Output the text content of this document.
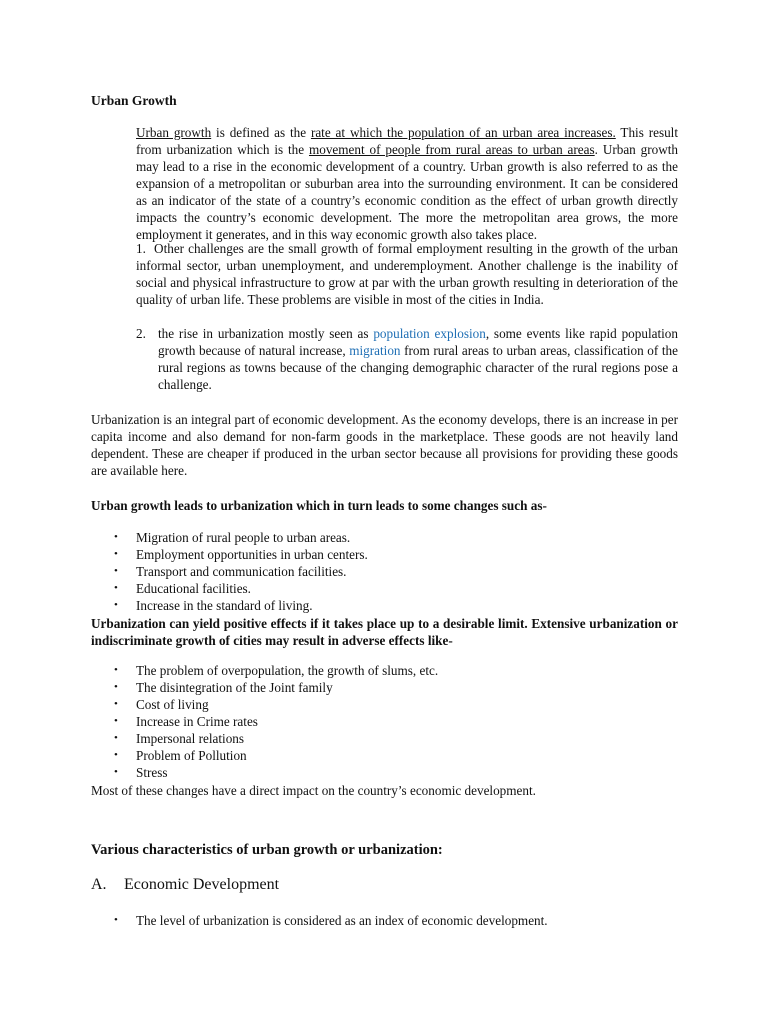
Urban Growth
Urban growth is defined as the rate at which the population of an urban area increases. This result from urbanization which is the movement of people from rural areas to urban areas. Urban growth may lead to a rise in the economic development of a country. Urban growth is also referred to as the expansion of a metropolitan or suburban area into the surrounding environment. It can be considered as an indicator of the state of a country’s economic condition as the effect of urban growth directly impacts the country’s economic development. The more the metropolitan area grows, the more employment it generates, and in this way economic growth also takes place.
1. Other challenges are the small growth of formal employment resulting in the growth of the urban informal sector, urban unemployment, and underemployment. Another challenge is the inability of social and physical infrastructure to grow at par with the urban growth resulting in deterioration of the quality of urban life. These problems are visible in most of the cities in India.
2. the rise in urbanization mostly seen as population explosion, some events like rapid population growth because of natural increase, migration from rural areas to urban areas, classification of the rural regions as towns because of the changing demographic character of the rural regions pose a challenge.
Urbanization is an integral part of economic development. As the economy develops, there is an increase in per capita income and also demand for non-farm goods in the marketplace. These goods are not heavily land dependent. These are cheaper if produced in the urban sector because all provisions for providing these goods are available here.
Urban growth leads to urbanization which in turn leads to some changes such as-
• Migration of rural people to urban areas.
• Employment opportunities in urban centers.
• Transport and communication facilities.
• Educational facilities.
• Increase in the standard of living.
Urbanization can yield positive effects if it takes place up to a desirable limit. Extensive urbanization or indiscriminate growth of cities may result in adverse effects like-
• The problem of overpopulation, the growth of slums, etc.
• The disintegration of the Joint family
• Cost of living
• Increase in Crime rates
• Impersonal relations
• Problem of Pollution
• Stress
Most of these changes have a direct impact on the country’s economic development.
Various characteristics of urban growth or urbanization:
A. Economic Development
• The level of urbanization is considered as an index of economic development.
